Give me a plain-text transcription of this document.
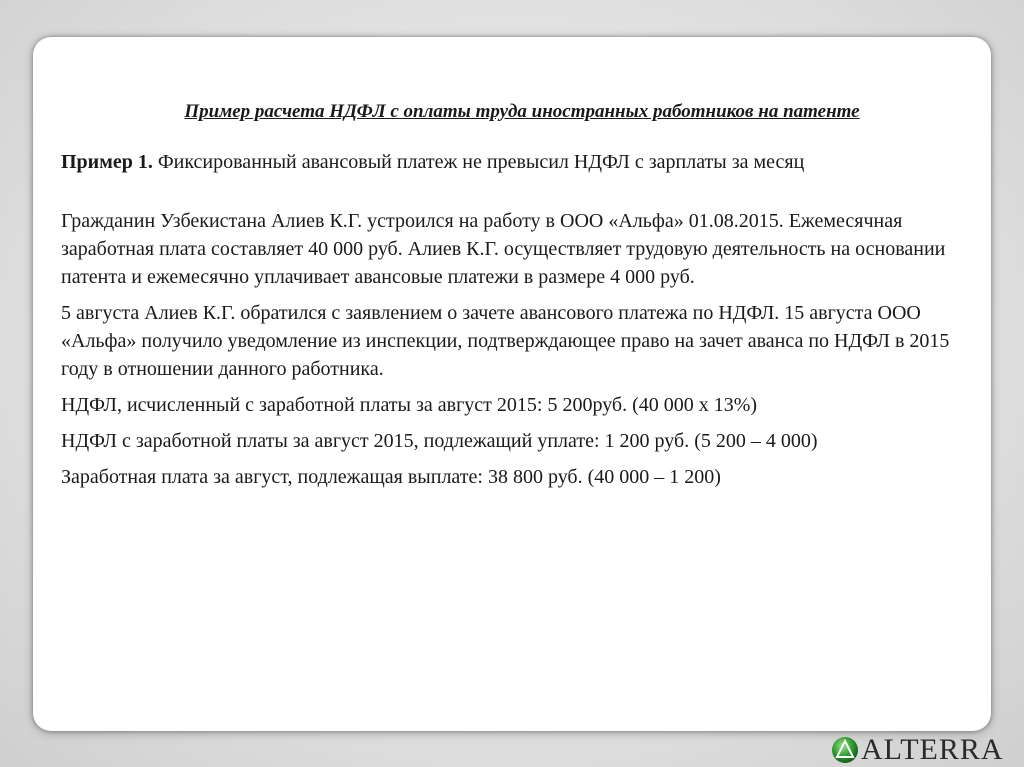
Пример расчета НДФЛ с оплаты труда иностранных работников на патенте
Пример 1. Фиксированный авансовый платеж не превысил НДФЛ с зарплаты за месяц

Гражданин Узбекистана Алиев К.Г. устроился на работу в ООО «Альфа» 01.08.2015. Ежемесячная заработная плата составляет 40 000 руб. Алиев К.Г. осуществляет трудовую деятельность на основании патента и ежемесячно уплачивает авансовые платежи в размере 4 000 руб.

5 августа Алиев К.Г. обратился с заявлением о зачете авансового платежа по НДФЛ. 15 августа ООО «Альфа» получило уведомление из инспекции, подтверждающее право на зачет аванса по НДФЛ в 2015 году в отношении данного работника.

НДФЛ, исчисленный с заработной платы за август 2015: 5 200руб. (40 000 х 13%)

НДФЛ с заработной платы за август 2015, подлежащий уплате: 1 200 руб. (5 200 – 4 000)

Заработная плата за август, подлежащая выплате: 38 800 руб. (40 000 – 1 200)

ALTERRA
